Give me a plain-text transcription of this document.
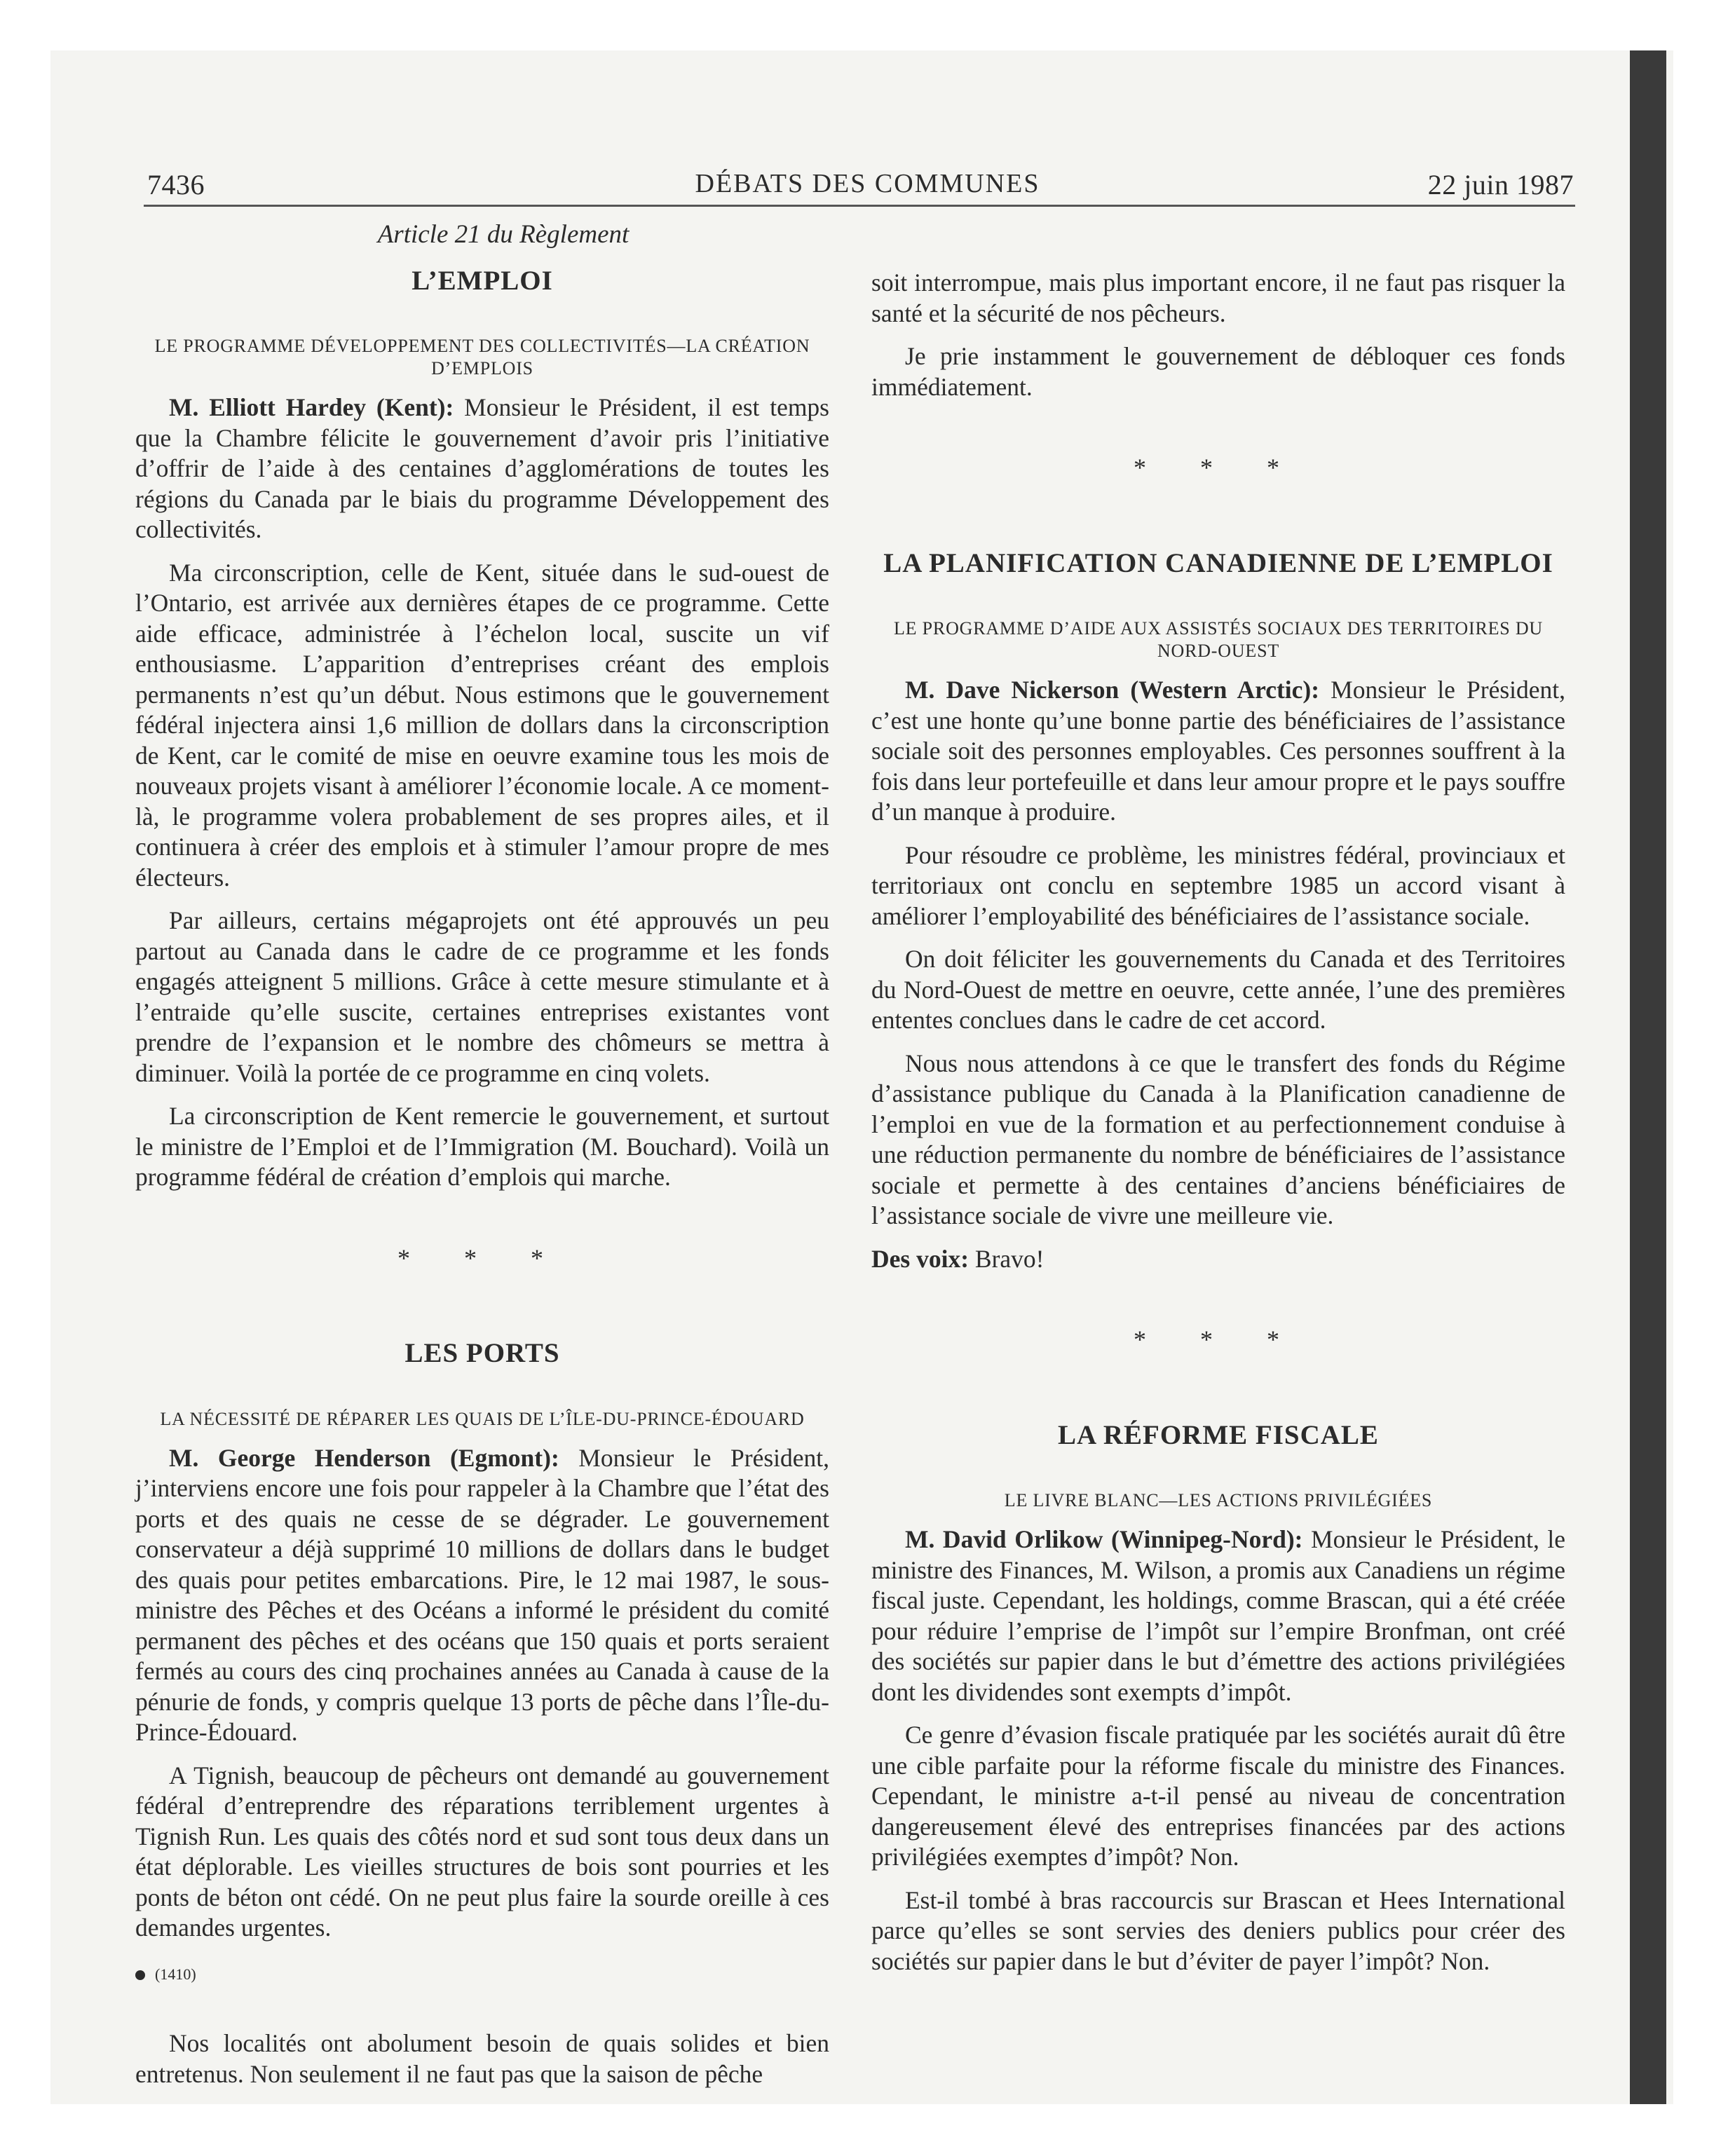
7436	DÉBATS DES COMMUNES	22 juin 1987
Article 21 du Règlement
L’EMPLOI
LE PROGRAMME DÉVELOPPEMENT DES COLLECTIVITÉS—LA CRÉATION D’EMPLOIS

M. Elliott Hardey (Kent): Monsieur le Président, il est temps que la Chambre félicite le gouvernement d’avoir pris l’initiative d’offrir de l’aide à des centaines d’agglomérations de toutes les régions du Canada par le biais du programme Développement des collectivités.

Ma circonscription, celle de Kent, située dans le sud-ouest de l’Ontario, est arrivée aux dernières étapes de ce programme. Cette aide efficace, administrée à l’échelon local, suscite un vif enthousiasme. L’apparition d’entreprises créant des emplois permanents n’est qu’un début. Nous estimons que le gouvernement fédéral injectera ainsi 1,6 million de dollars dans la circonscription de Kent, car le comité de mise en oeuvre examine tous les mois de nouveaux projets visant à améliorer l’économie locale. A ce moment-là, le programme volera probablement de ses propres ailes, et il continuera à créer des emplois et à stimuler l’amour propre de mes électeurs.

Par ailleurs, certains mégaprojets ont été approuvés un peu partout au Canada dans le cadre de ce programme et les fonds engagés atteignent 5 millions. Grâce à cette mesure stimulante et à l’entraide qu’elle suscite, certaines entreprises existantes vont prendre de l’expansion et le nombre des chômeurs se mettra à diminuer. Voilà la portée de ce programme en cinq volets.

La circonscription de Kent remercie le gouvernement, et surtout le ministre de l’Emploi et de l’Immigration (M. Bouchard). Voilà un programme fédéral de création d’emplois qui marche.

* * *
LES PORTS
LA NÉCESSITÉ DE RÉPARER LES QUAIS DE L’ÎLE-DU-PRINCE-ÉDOUARD

M. George Henderson (Egmont): Monsieur le Président, j’interviens encore une fois pour rappeler à la Chambre que l’état des ports et des quais ne cesse de se dégrader. Le gouvernement conservateur a déjà supprimé 10 millions de dollars dans le budget des quais pour petites embarcations. Pire, le 12 mai 1987, le sous-ministre des Pêches et des Océans a informé le président du comité permanent des pêches et des océans que 150 quais et ports seraient fermés au cours des cinq prochaines années au Canada à cause de la pénurie de fonds, y compris quelque 13 ports de pêche dans l’Île-du-Prince-Édouard.

A Tignish, beaucoup de pêcheurs ont demandé au gouvernement fédéral d’entreprendre des réparations terriblement urgentes à Tignish Run. Les quais des côtés nord et sud sont tous deux dans un état déplorable. Les vieilles structures de bois sont pourries et les ponts de béton ont cédé. On ne peut plus faire la sourde oreille à ces demandes urgentes.

(1410)

Nos localités ont abolument besoin de quais solides et bien entretenus. Non seulement il ne faut pas que la saison de pêche

soit interrompue, mais plus important encore, il ne faut pas risquer la santé et la sécurité de nos pêcheurs.

Je prie instamment le gouvernement de débloquer ces fonds immédiatement.

* * *
LA PLANIFICATION CANADIENNE DE L’EMPLOI
LE PROGRAMME D’AIDE AUX ASSISTÉS SOCIAUX DES TERRITOIRES DU NORD-OUEST

M. Dave Nickerson (Western Arctic): Monsieur le Président, c’est une honte qu’une bonne partie des bénéficiaires de l’assistance sociale soit des personnes employables. Ces personnes souffrent à la fois dans leur portefeuille et dans leur amour propre et le pays souffre d’un manque à produire.

Pour résoudre ce problème, les ministres fédéral, provinciaux et territoriaux ont conclu en septembre 1985 un accord visant à améliorer l’employabilité des bénéficiaires de l’assistance sociale.

On doit féliciter les gouvernements du Canada et des Territoires du Nord-Ouest de mettre en oeuvre, cette année, l’une des premières ententes conclues dans le cadre de cet accord.

Nous nous attendons à ce que le transfert des fonds du Régime d’assistance publique du Canada à la Planification canadienne de l’emploi en vue de la formation et au perfectionnement conduise à une réduction permanente du nombre de bénéficiaires de l’assistance sociale et permette à des centaines d’anciens bénéficiaires de l’assistance sociale de vivre une meilleure vie.

Des voix: Bravo!

* * *
LA RÉFORME FISCALE
LE LIVRE BLANC—LES ACTIONS PRIVILÉGIÉES

M. David Orlikow (Winnipeg-Nord): Monsieur le Président, le ministre des Finances, M. Wilson, a promis aux Canadiens un régime fiscal juste. Cependant, les holdings, comme Brascan, qui a été créée pour réduire l’emprise de l’impôt sur l’empire Bronfman, ont créé des sociétés sur papier dans le but d’émettre des actions privilégiées dont les dividendes sont exempts d’impôt.

Ce genre d’évasion fiscale pratiquée par les sociétés aurait dû être une cible parfaite pour la réforme fiscale du ministre des Finances. Cependant, le ministre a-t-il pensé au niveau de concentration dangereusement élevé des entreprises financées par des actions privilégiées exemptes d’impôt? Non.

Est-il tombé à bras raccourcis sur Brascan et Hees International parce qu’elles se sont servies des deniers publics pour créer des sociétés sur papier dans le but d’éviter de payer l’impôt? Non.
